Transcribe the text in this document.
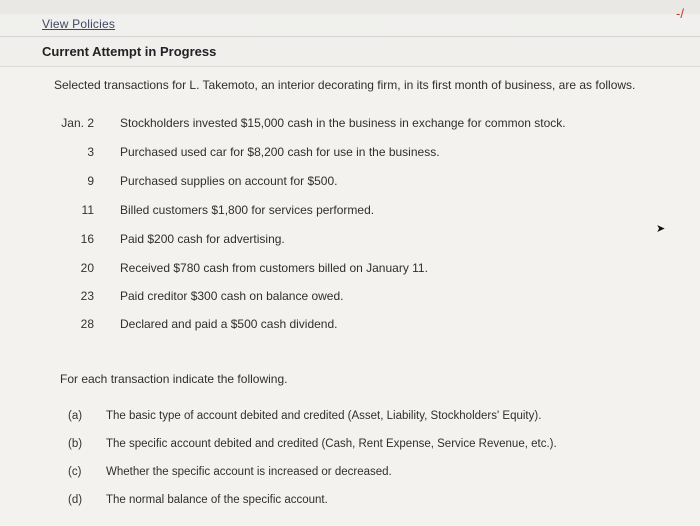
-/
View Policies
Current Attempt in Progress
Selected transactions for L. Takemoto, an interior decorating firm, in its first month of business, are as follows.
Jan. 2 Stockholders invested $15,000 cash in the business in exchange for common stock.
3 Purchased used car for $8,200 cash for use in the business.
9 Purchased supplies on account for $500.
11 Billed customers $1,800 for services performed.
16 Paid $200 cash for advertising.
20 Received $780 cash from customers billed on January 11.
23 Paid creditor $300 cash on balance owed.
28 Declared and paid a $500 cash dividend.
For each transaction indicate the following.
(a) The basic type of account debited and credited (Asset, Liability, Stockholders' Equity).
(b) The specific account debited and credited (Cash, Rent Expense, Service Revenue, etc.).
(c) Whether the specific account is increased or decreased.
(d) The normal balance of the specific account.
➤
